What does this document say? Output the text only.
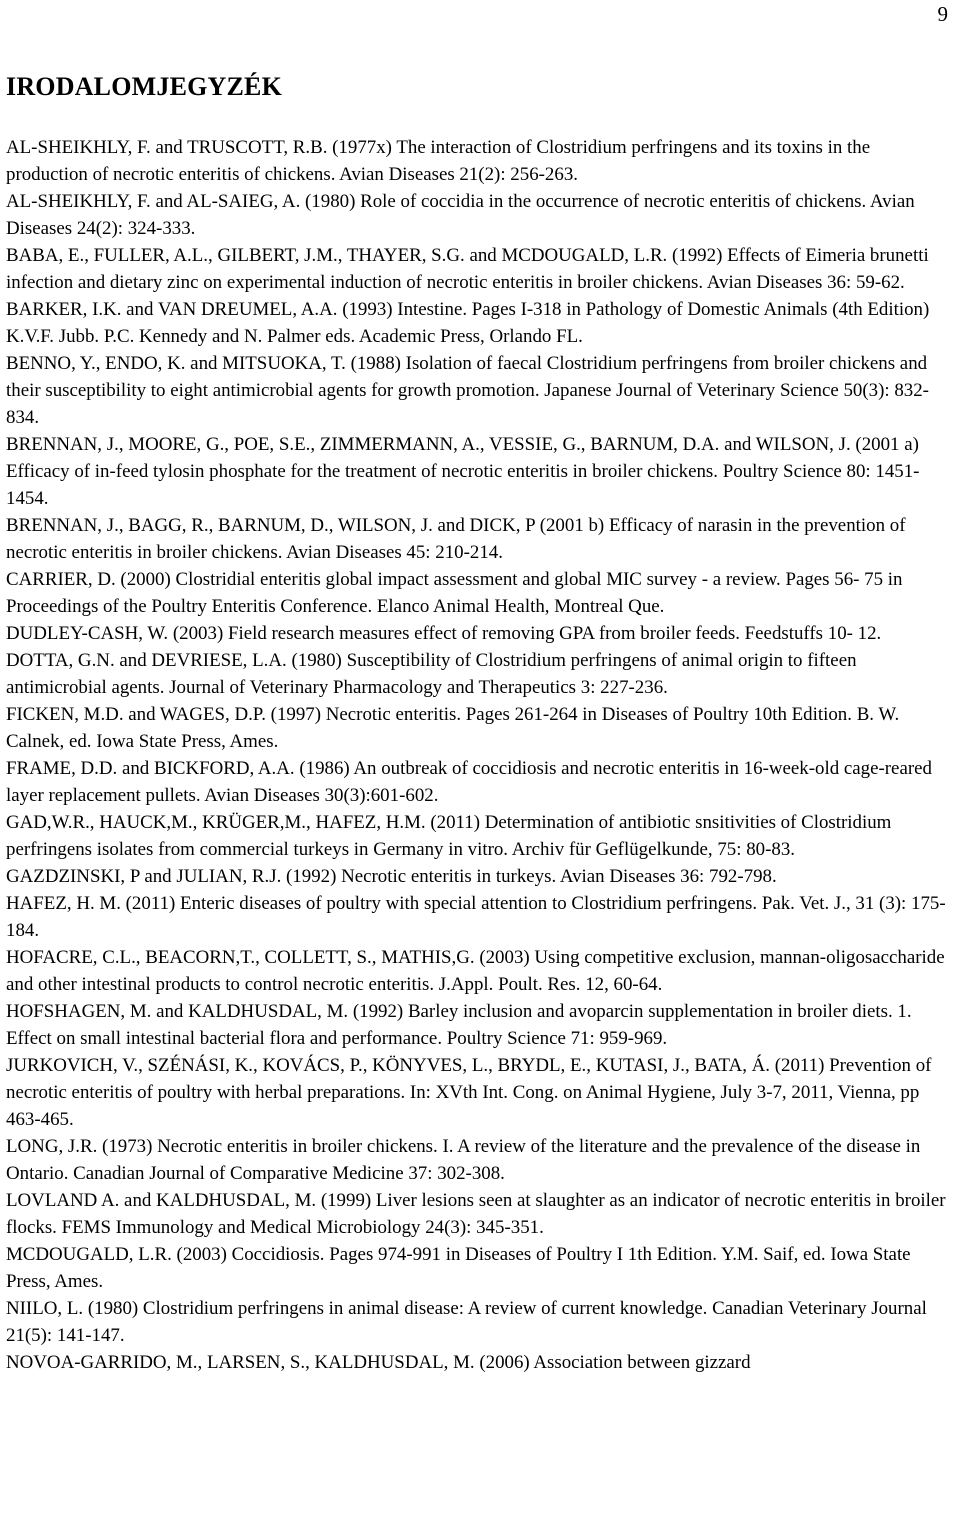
9
IRODALOMJEGYZÉK
AL-SHEIKHLY, F. and TRUSCOTT, R.B. (1977x) The interaction of Clostridium perfringens and its toxins in the production of necrotic enteritis of chickens. Avian Diseases 21(2): 256-263.
AL-SHEIKHLY, F. and AL-SAIEG, A. (1980) Role of coccidia in the occurrence of necrotic enteritis of chickens. Avian Diseases 24(2): 324-333.
BABA, E., FULLER, A.L., GILBERT, J.M., THAYER, S.G. and MCDOUGALD, L.R. (1992) Effects of Eimeria brunetti infection and dietary zinc on experimental induction of necrotic enteritis in broiler chickens. Avian Diseases 36: 59-62.
BARKER, I.K. and VAN DREUMEL, A.A. (1993) Intestine. Pages I-318 in Pathology of Domestic Animals (4th Edition) K.V.F. Jubb. P.C. Kennedy and N. Palmer eds. Academic Press, Orlando FL.
BENNO, Y., ENDO, K. and MITSUOKA, T. (1988) Isolation of faecal Clostridium perfringens from broiler chickens and their susceptibility to eight antimicrobial agents for growth promotion. Japanese Journal of Veterinary Science 50(3): 832-834.
BRENNAN, J., MOORE, G., POE, S.E., ZIMMERMANN, A., VESSIE, G., BARNUM, D.A. and WILSON, J. (2001 a) Efficacy of in-feed tylosin phosphate for the treatment of necrotic enteritis in broiler chickens. Poultry Science 80: 1451-1454.
BRENNAN, J., BAGG, R., BARNUM, D., WILSON, J. and DICK, P (2001 b) Efficacy of narasin in the prevention of necrotic enteritis in broiler chickens. Avian Diseases 45: 210-214.
CARRIER, D. (2000) Clostridial enteritis global impact assessment and global MIC survey - a review. Pages 56- 75 in Proceedings of the Poultry Enteritis Conference. Elanco Animal Health, Montreal Que.
DUDLEY-CASH, W. (2003) Field research measures effect of removing GPA from broiler feeds. Feedstuffs 10- 12.
DOTTA, G.N. and DEVRIESE, L.A. (1980) Susceptibility of Clostridium perfringens of animal origin to fifteen antimicrobial agents. Journal of Veterinary Pharmacology and Therapeutics 3: 227-236.
FICKEN, M.D. and WAGES, D.P. (1997) Necrotic enteritis. Pages 261-264 in Diseases of Poultry 10th Edition. B. W. Calnek, ed. Iowa State Press, Ames.
FRAME, D.D. and BICKFORD, A.A. (1986) An outbreak of coccidiosis and necrotic enteritis in 16-week-old cage-reared layer replacement pullets. Avian Diseases 30(3):601-602.
GAD,W.R., HAUCK,M., KRÜGER,M., HAFEZ, H.M. (2011) Determination of antibiotic snsitivities of Clostridium perfringens isolates from commercial turkeys in Germany in vitro. Archiv für Geflügelkunde, 75: 80-83.
GAZDZINSKI, P and JULIAN, R.J. (1992) Necrotic enteritis in turkeys. Avian Diseases 36: 792-798.
HAFEZ, H. M. (2011) Enteric diseases of poultry with special attention to Clostridium perfringens. Pak. Vet. J., 31 (3): 175-184.
HOFACRE, C.L., BEACORN,T., COLLETT, S., MATHIS,G. (2003) Using competitive exclusion, mannan-oligosaccharide and other intestinal products to control necrotic enteritis. J.Appl. Poult. Res. 12, 60-64.
HOFSHAGEN, M. and KALDHUSDAL, M. (1992) Barley inclusion and avoparcin supplementation in broiler diets. 1. Effect on small intestinal bacterial flora and performance. Poultry Science 71: 959-969.
JURKOVICH, V., SZÉNÁSI, K., KOVÁCS, P., KÖNYVES, L., BRYDL, E., KUTASI, J., BATA, Á. (2011) Prevention of necrotic enteritis of poultry with herbal preparations. In: XVth Int. Cong. on Animal Hygiene, July 3-7, 2011, Vienna, pp 463-465.
LONG, J.R. (1973) Necrotic enteritis in broiler chickens. I. A review of the literature and the prevalence of the disease in Ontario. Canadian Journal of Comparative Medicine 37: 302-308.
LOVLAND A. and KALDHUSDAL, M. (1999) Liver lesions seen at slaughter as an indicator of necrotic enteritis in broiler flocks. FEMS Immunology and Medical Microbiology 24(3): 345-351.
MCDOUGALD, L.R. (2003) Coccidiosis. Pages 974-991 in Diseases of Poultry I 1th Edition. Y.M. Saif, ed. Iowa State Press, Ames.
NIILO, L. (1980) Clostridium perfringens in animal disease: A review of current knowledge. Canadian Veterinary Journal 21(5): 141-147.
NOVOA-GARRIDO, M., LARSEN, S., KALDHUSDAL, M. (2006) Association between gizzard
